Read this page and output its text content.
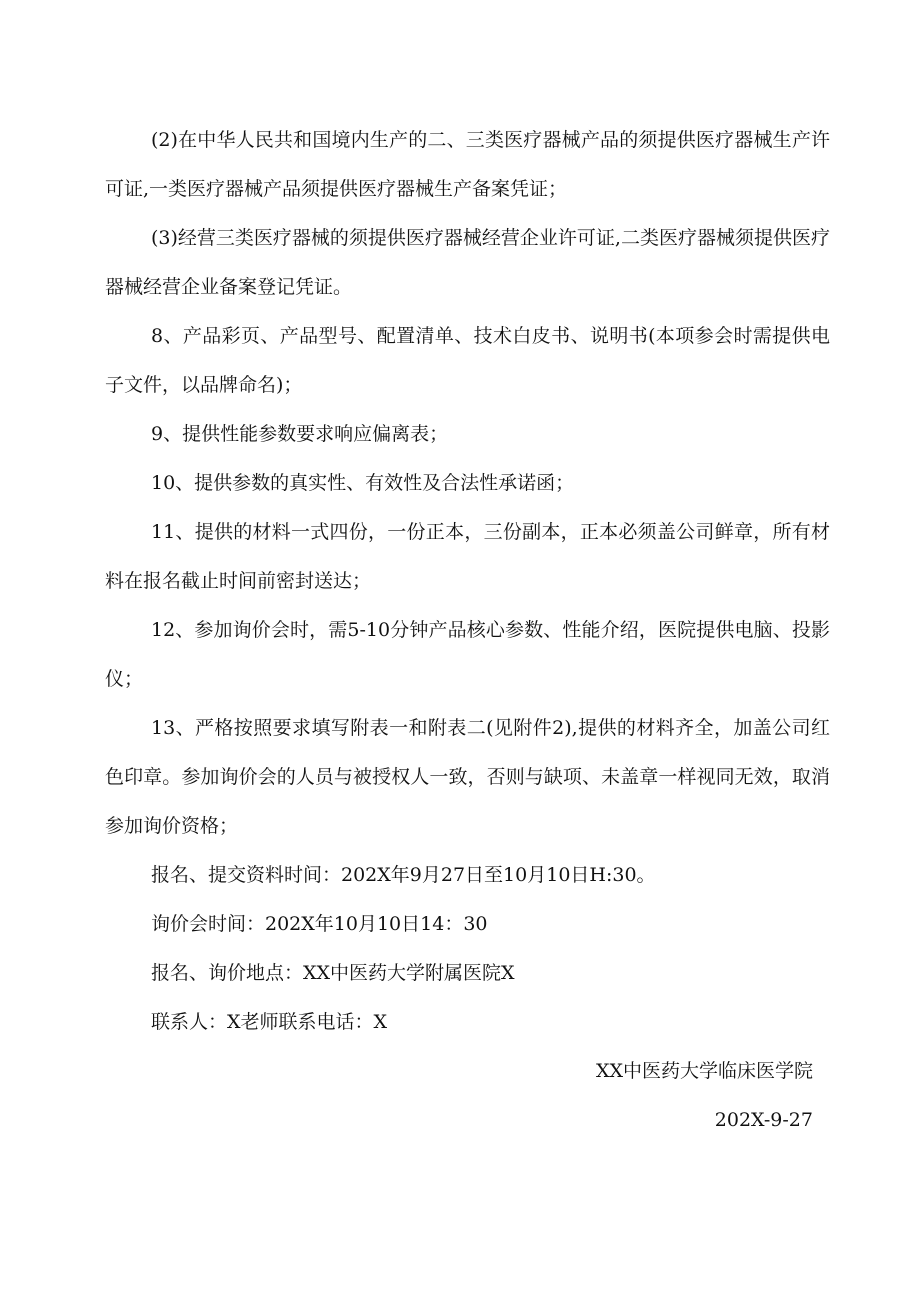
(2)在中华人民共和国境内生产的二、三类医疗器械产品的须提供医疗器械生产许可证,一类医疗器械产品须提供医疗器械生产备案凭证；

(3)经营三类医疗器械的须提供医疗器械经营企业许可证,二类医疗器械须提供医疗器械经营企业备案登记凭证。

8、产品彩页、产品型号、配置清单、技术白皮书、说明书(本项参会时需提供电子文件，以品牌命名)；

9、提供性能参数要求响应偏离表；

10、提供参数的真实性、有效性及合法性承诺函；

11、提供的材料一式四份，一份正本，三份副本，正本必须盖公司鲜章，所有材料在报名截止时间前密封送达；

12、参加询价会时，需5-10分钟产品核心参数、性能介绍，医院提供电脑、投影仪；

13、严格按照要求填写附表一和附表二(见附件2),提供的材料齐全，加盖公司红色印章。参加询价会的人员与被授权人一致，否则与缺项、未盖章一样视同无效，取消参加询价资格；

报名、提交资料时间：202X年9月27日至10月10日H:30。

询价会时间：202X年10月10日14：30

报名、询价地点：XX中医药大学附属医院X

联系人：X老师联系电话：X

XX中医药大学临床医学院

202X-9-27
